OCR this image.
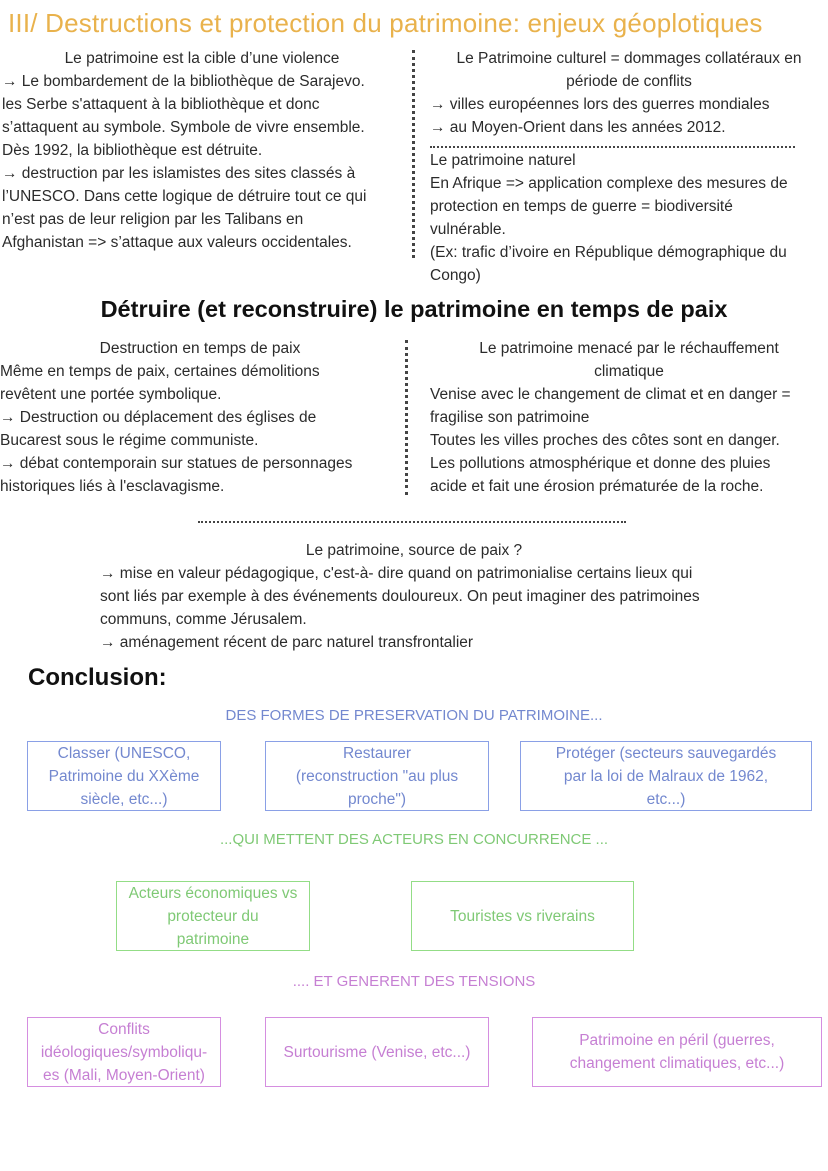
III/ Destructions et protection du patrimoine: enjeux géoplotiques

Le patrimoine est la cible d’une violence

→ Le bombardement de la bibliothèque de Sarajevo.

les Serbe s'attaquent à la bibliothèque et donc

s’attaquent au symbole. Symbole de vivre ensemble.

Dès 1992, la bibliothèque est détruite.

→ destruction par les islamistes des sites classés à

l’UNESCO. Dans cette logique de détruire tout ce qui

n’est pas de leur religion par les Talibans en

Afghanistan => s’attaque aux valeurs occidentales.

Le Patrimoine culturel = dommages collatéraux en

période de conflits

→ villes européennes lors des guerres mondiales

→ au Moyen-Orient dans les années 2012.

Le patrimoine naturel

En Afrique => application complexe des mesures de

protection en temps de guerre = biodiversité

vulnérable.

(Ex: trafic d’ivoire en République démographique du

Congo)

Détruire (et reconstruire) le patrimoine en temps de paix

Destruction en temps de paix

Même en temps de paix, certaines démolitions

revêtent une portée symbolique.

→ Destruction ou déplacement des églises de

Bucarest sous le régime communiste.

→ débat contemporain sur statues de personnages

historiques liés à l'esclavagisme.

Le patrimoine menacé par le réchauffement

climatique

Venise avec le changement de climat et en danger =

fragilise son patrimoine

Toutes les villes proches des côtes sont en danger.

Les pollutions atmosphérique et donne des pluies

acide et fait une érosion prématurée de la roche.

Le patrimoine, source de paix ?

→ mise en valeur pédagogique, c'est-à- dire quand on patrimonialise certains lieux qui

sont liés par exemple à des événements douloureux. On peut imaginer des patrimoines

communs, comme Jérusalem.

→ aménagement récent de parc naturel transfrontalier

Conclusion:
DES FORMES DE PRESERVATION DU PATRIMOINE...
Classer (UNESCO,
Patrimoine du XXème
siècle, etc...)
Restaurer
(reconstruction "au plus
proche")
Protéger (secteurs sauvegardés
par la loi de Malraux de 1962,
etc...)
...QUI METTENT DES ACTEURS EN CONCURRENCE ...
Acteurs économiques vs
protecteur du
patrimoine
Touristes vs riverains
.... ET GENERENT DES TENSIONS
Conflits
idéologiques/symboliqu-
es (Mali, Moyen-Orient)
Surtourisme (Venise, etc...)
Patrimoine en péril (guerres,
changement climatiques, etc...)
